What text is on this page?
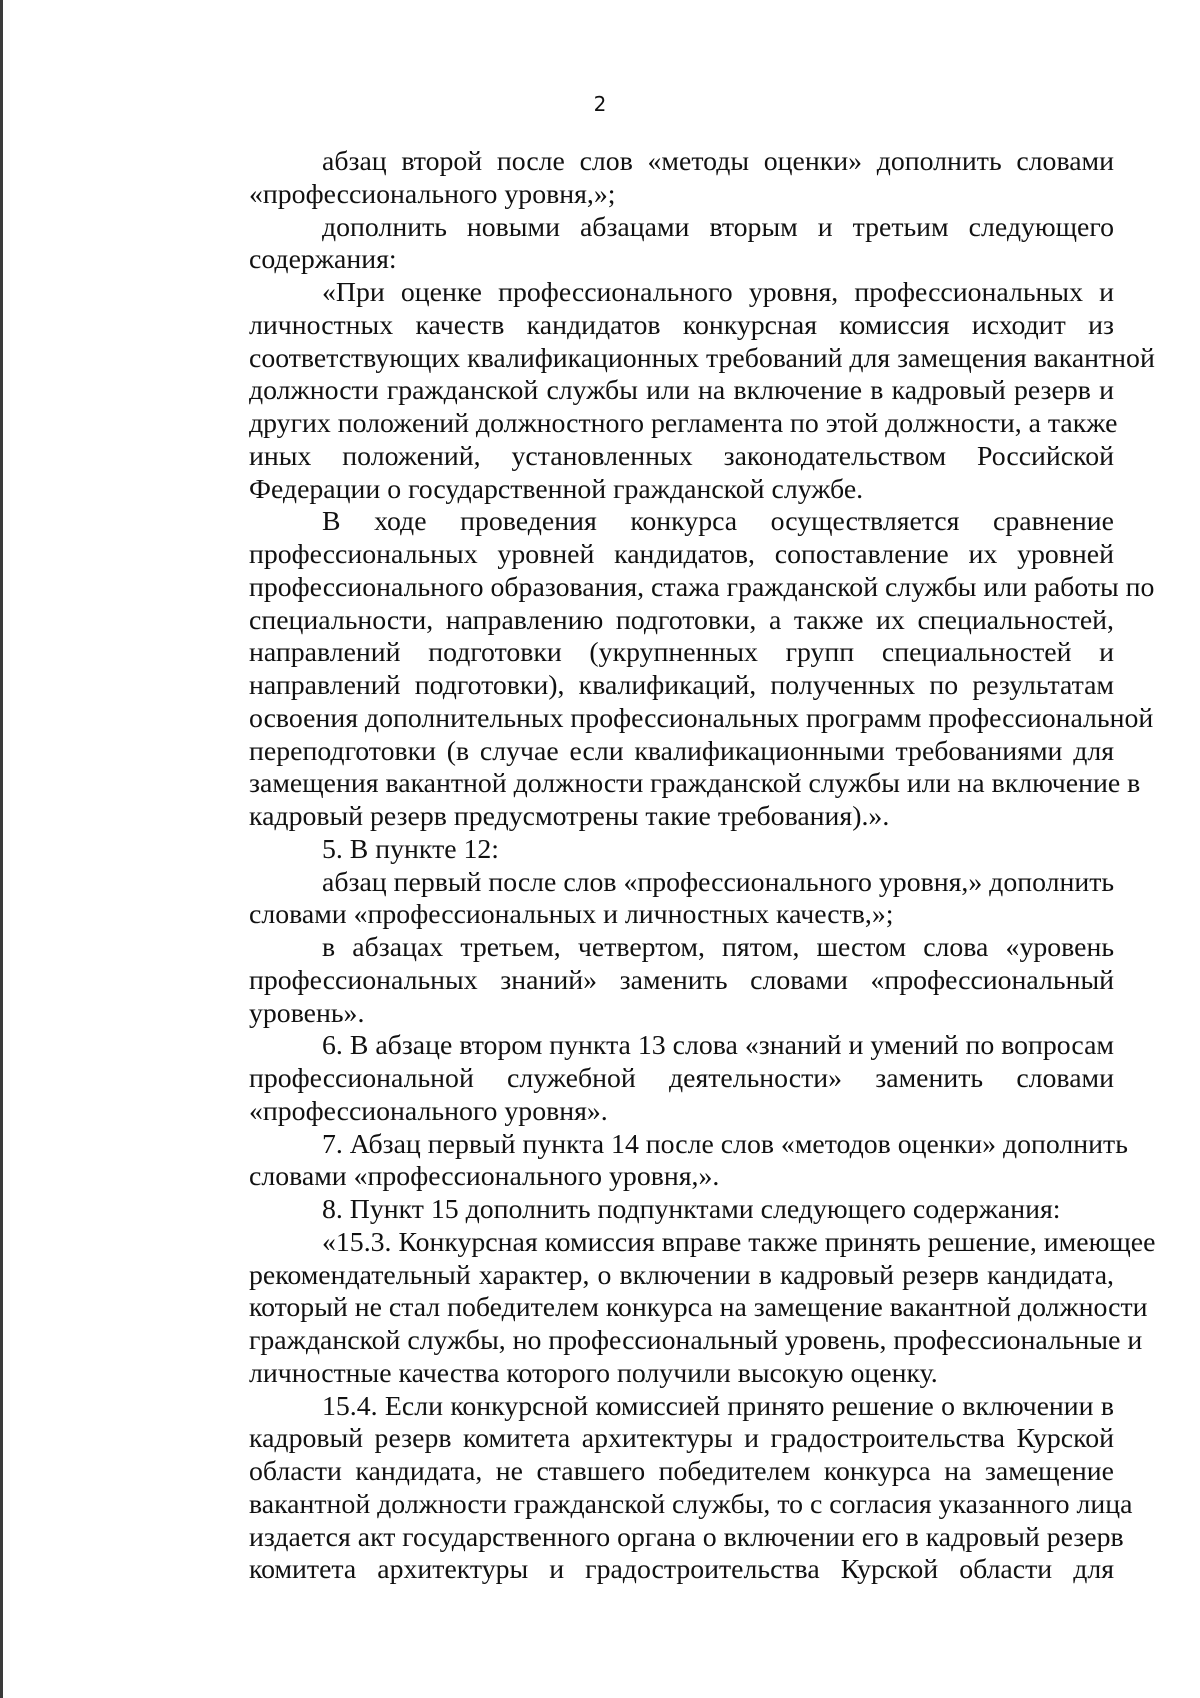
2

абзац второй после слов «методы оценки» дополнить словами
«профессионального уровня,»;

дополнить новыми абзацами вторым и третьим следующего
содержания:

«При оценке профессионального уровня, профессиональных и
личностных качеств кандидатов конкурсная комиссия исходит из
соответствующих квалификационных требований для замещения вакантной
должности гражданской службы или на включение в кадровый резерв и
других положений должностного регламента по этой должности, а также
иных положений, установленных законодательством Российской
Федерации о государственной гражданской службе.

В ходе проведения конкурса осуществляется сравнение
профессиональных уровней кандидатов, сопоставление их уровней
профессионального образования, стажа гражданской службы или работы по
специальности, направлению подготовки, а также их специальностей,
направлений подготовки (укрупненных групп специальностей и
направлений подготовки), квалификаций, полученных по результатам
освоения дополнительных профессиональных программ профессиональной
переподготовки (в случае если квалификационными требованиями для
замещения вакантной должности гражданской службы или на включение в
кадровый резерв предусмотрены такие требования).».

5. В пункте 12:

абзац первый после слов «профессионального уровня,» дополнить
словами «профессиональных и личностных качеств,»;

в абзацах третьем, четвертом, пятом, шестом слова «уровень
профессиональных знаний» заменить словами «профессиональный
уровень».

6. В абзаце втором пункта 13 слова «знаний и умений по вопросам
профессиональной служебной деятельности» заменить словами
«профессионального уровня».

7. Абзац первый пункта 14 после слов «методов оценки» дополнить
словами «профессионального уровня,».

8. Пункт 15 дополнить подпунктами следующего содержания:

«15.3. Конкурсная комиссия вправе также принять решение, имеющее
рекомендательный характер, о включении в кадровый резерв кандидата,
который не стал победителем конкурса на замещение вакантной должности
гражданской службы, но профессиональный уровень, профессиональные и
личностные качества которого получили высокую оценку.

15.4. Если конкурсной комиссией принято решение о включении в
кадровый резерв комитета архитектуры и градостроительства Курской
области кандидата, не ставшего победителем конкурса на замещение
вакантной должности гражданской службы, то с согласия указанного лица
издается акт государственного органа о включении его в кадровый резерв
комитета архитектуры и градостроительства Курской области для
